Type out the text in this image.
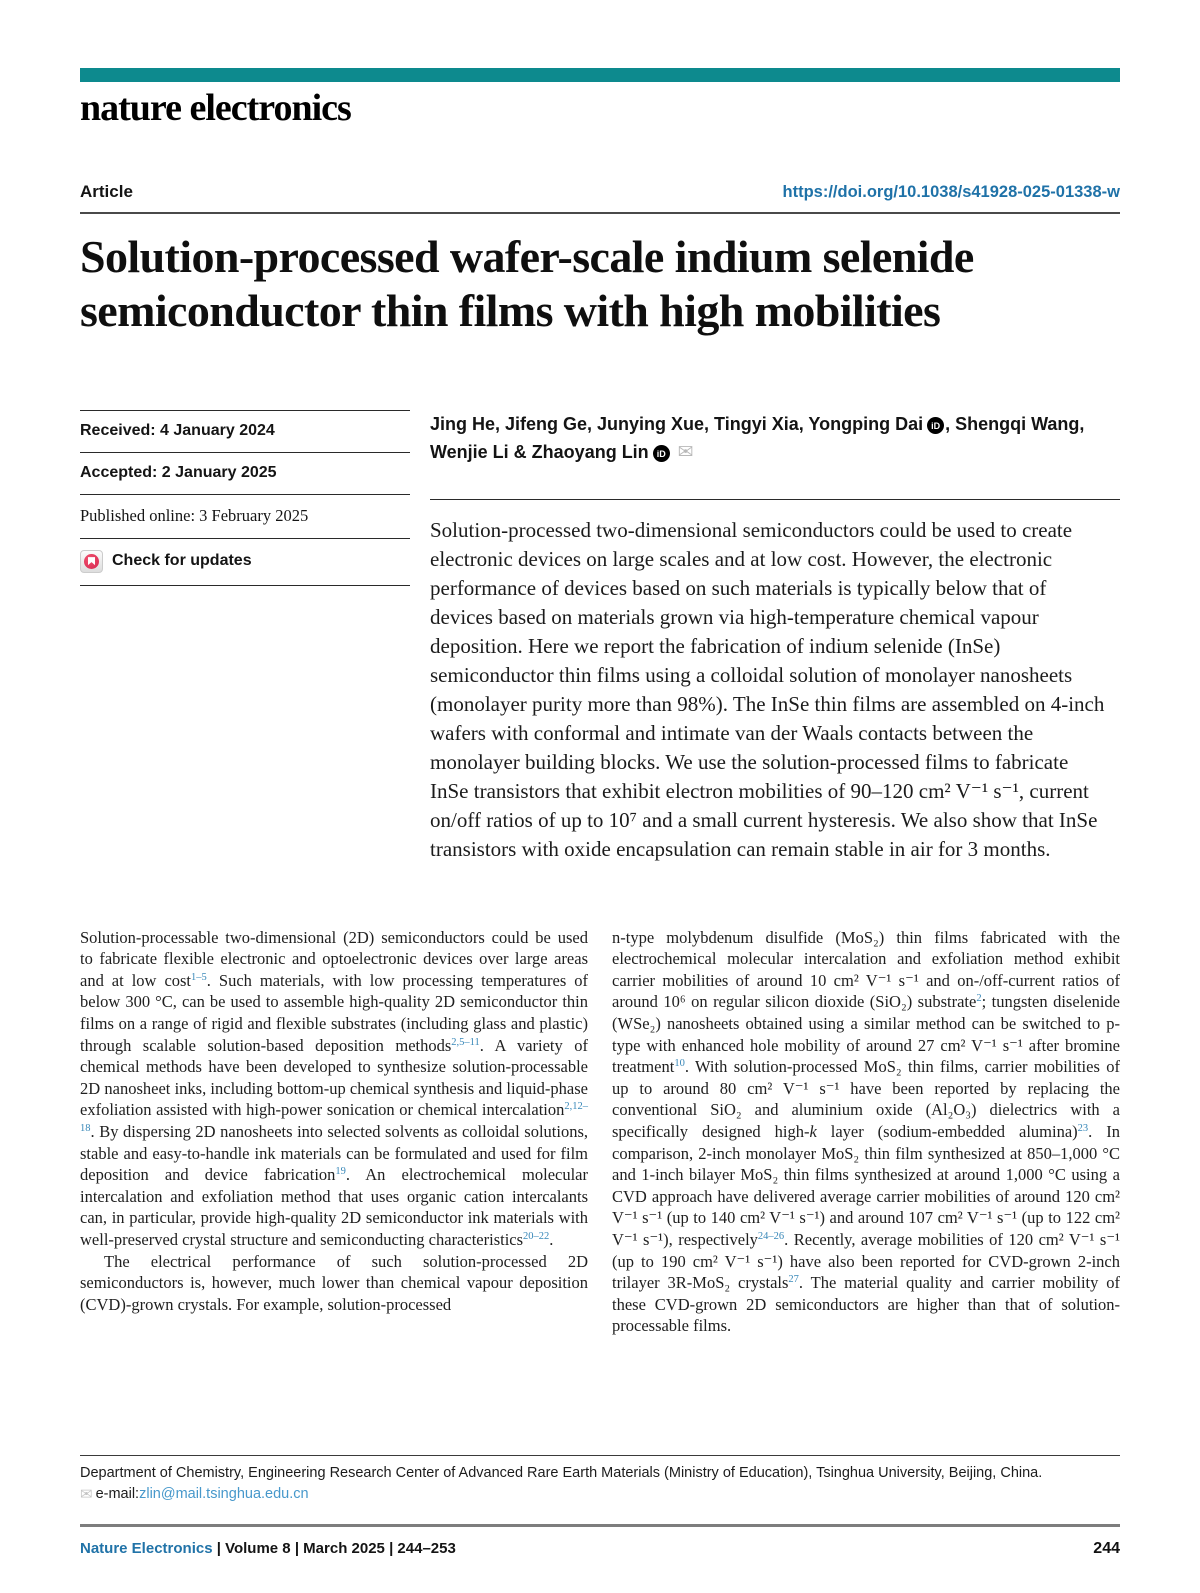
nature electronics
Article	https://doi.org/10.1038/s41928-025-01338-w
Solution-processed wafer-scale indium selenide semiconductor thin films with high mobilities
Received: 4 January 2024
Accepted: 2 January 2025
Published online: 3 February 2025
Check for updates
Jing He, Jifeng Ge, Junying Xue, Tingyi Xia, Yongping Dai iD , Shengqi Wang, Wenjie Li & Zhaoyang Lin iD ✉

Solution-processed two-dimensional semiconductors could be used to create electronic devices on large scales and at low cost. However, the electronic performance of devices based on such materials is typically below that of devices based on materials grown via high-temperature chemical vapour deposition. Here we report the fabrication of indium selenide (InSe) semiconductor thin films using a colloidal solution of monolayer nanosheets (monolayer purity more than 98%). The InSe thin films are assembled on 4-inch wafers with conformal and intimate van der Waals contacts between the monolayer building blocks. We use the solution-processed films to fabricate InSe transistors that exhibit electron mobilities of 90–120 cm² V⁻¹ s⁻¹, current on/off ratios of up to 10⁷ and a small current hysteresis. We also show that InSe transistors with oxide encapsulation can remain stable in air for 3 months.

Solution-processable two-dimensional (2D) semiconductors could be used to fabricate flexible electronic and optoelectronic devices over large areas and at low cost$^{1-5}$. Such materials, with low processing temperatures of below 300 °C, can be used to assemble high-quality 2D semiconductor thin films on a range of rigid and flexible substrates (including glass and plastic) through scalable solution-based deposition methods$^{2,5-11}$. A variety of chemical methods have been developed to synthesize solution-processable 2D nanosheet inks, including bottom-up chemical synthesis and liquid-phase exfoliation assisted with high-power sonication or chemical intercalation$^{2,12-18}$. By dispersing 2D nanosheets into selected solvents as colloidal solutions, stable and easy-to-handle ink materials can be formulated and used for film deposition and device fabrication$^{19}$. An electrochemical molecular intercalation and exfoliation method that uses organic cation intercalants can, in particular, provide high-quality 2D semiconductor ink materials with well-preserved crystal structure and semiconducting characteristics$^{20-22}$.

The electrical performance of such solution-processed 2D semiconductors is, however, much lower than chemical vapour deposition (CVD)-grown crystals. For example, solution-processed

n-type molybdenum disulfide (MoS₂) thin films fabricated with the electrochemical molecular intercalation and exfoliation method exhibit carrier mobilities of around 10 cm² V⁻¹ s⁻¹ and on-/off-current ratios of around 10⁶ on regular silicon dioxide (SiO₂) substrate$^2$; tungsten diselenide (WSe₂) nanosheets obtained using a similar method can be switched to p-type with enhanced hole mobility of around 27 cm² V⁻¹ s⁻¹ after bromine treatment$^{10}$. With solution-processed MoS₂ thin films, carrier mobilities of up to around 80 cm² V⁻¹ s⁻¹ have been reported by replacing the conventional SiO₂ and aluminium oxide (Al₂O₃) dielectrics with a specifically designed high-k layer (sodium-embedded alumina)$^{23}$. In comparison, 2-inch monolayer MoS₂ thin film synthesized at 850–1,000 °C and 1-inch bilayer MoS₂ thin films synthesized at around 1,000 °C using a CVD approach have delivered average carrier mobilities of around 120 cm² V⁻¹ s⁻¹ (up to 140 cm² V⁻¹ s⁻¹) and around 107 cm² V⁻¹ s⁻¹ (up to 122 cm² V⁻¹ s⁻¹), respectively$^{24-26}$. Recently, average mobilities of 120 cm² V⁻¹ s⁻¹ (up to 190 cm² V⁻¹ s⁻¹) have also been reported for CVD-grown 2-inch trilayer 3R-MoS₂ crystals$^{27}$. The material quality and carrier mobility of these CVD-grown 2D semiconductors are higher than that of solution-processable films.

Department of Chemistry, Engineering Research Center of Advanced Rare Earth Materials (Ministry of Education), Tsinghua University, Beijing, China.
✉ e-mail: zlin@mail.tsinghua.edu.cn
Nature Electronics | Volume 8 | March 2025 | 244–253	244
